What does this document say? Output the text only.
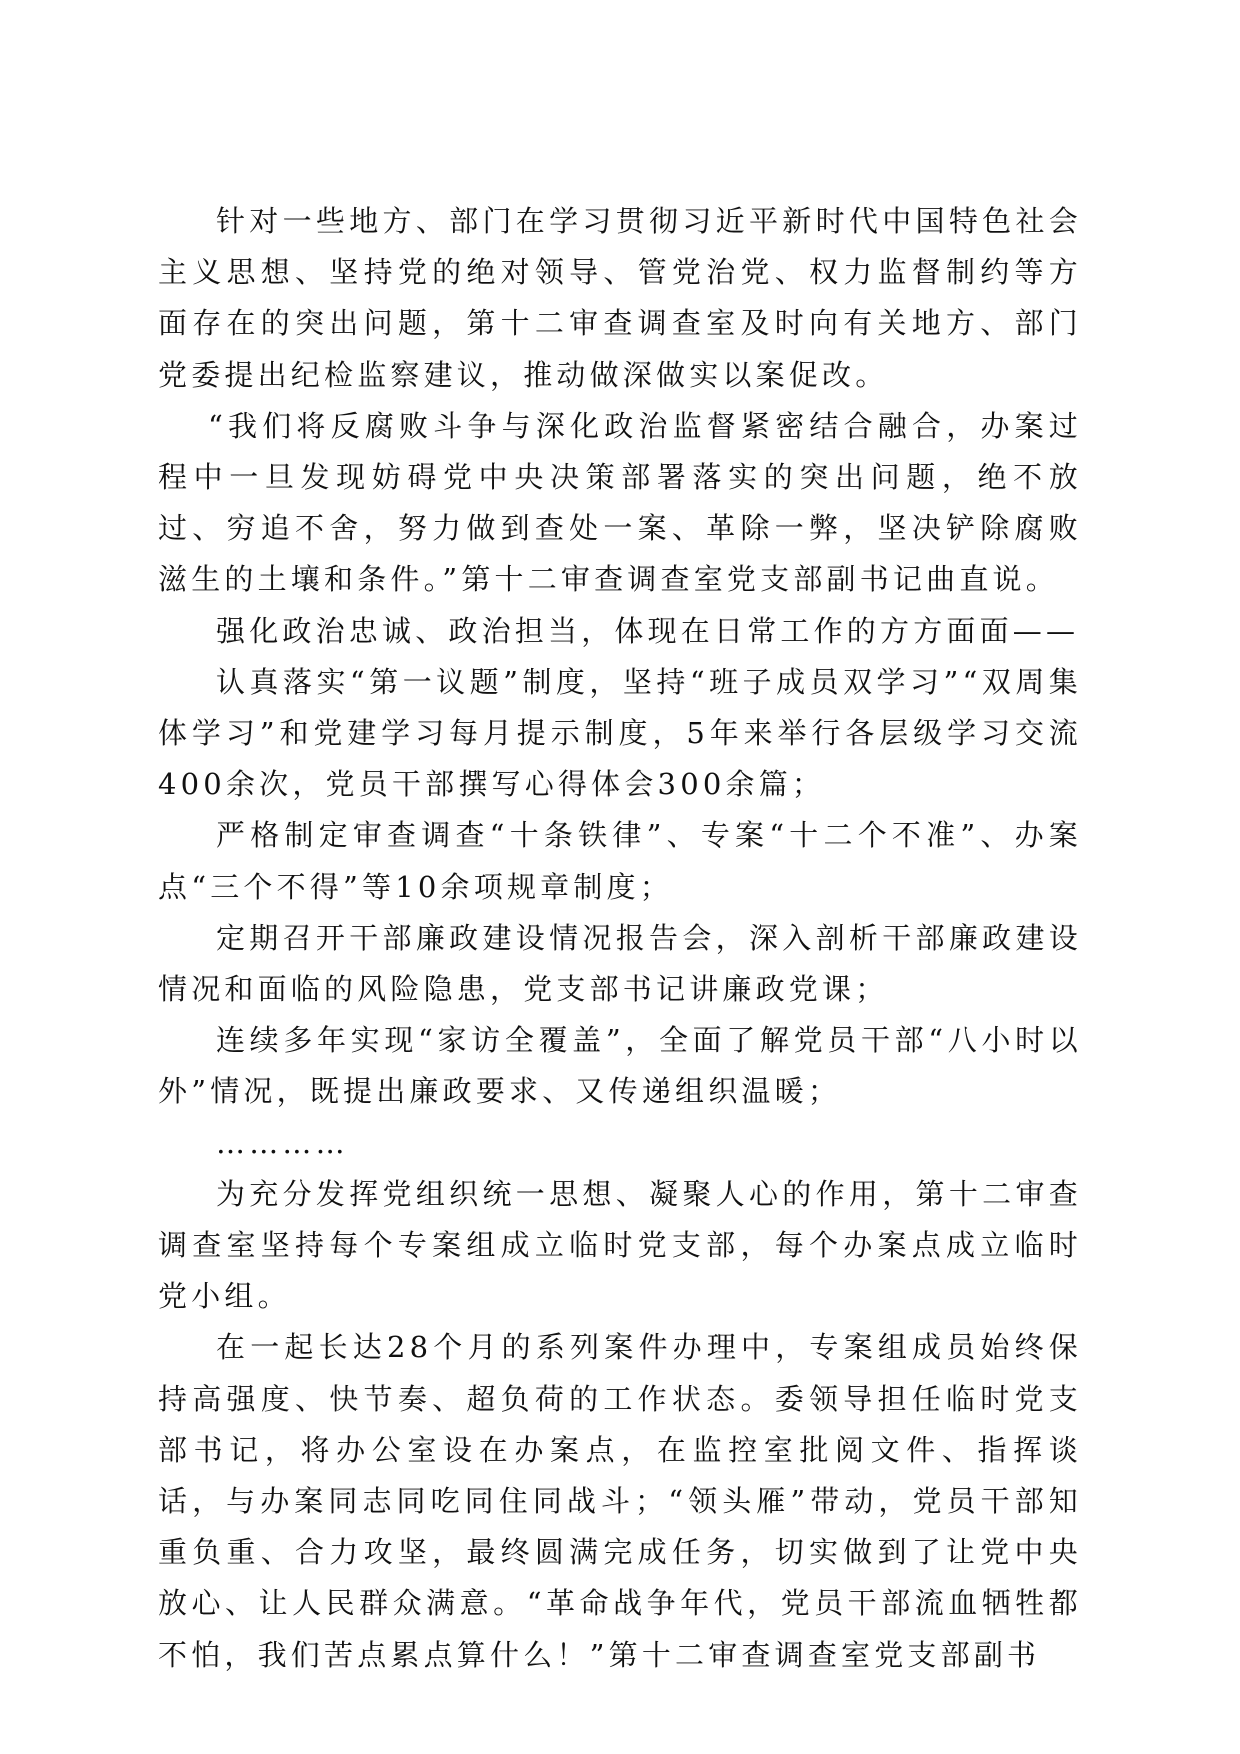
针对一些地方、部门在学习贯彻习近平新时代中国特色社会主义思想、坚持党的绝对领导、管党治党、权力监督制约等方面存在的突出问题，第十二审查调查室及时向有关地方、部门党委提出纪检监察建议，推动做深做实以案促改。

“我们将反腐败斗争与深化政治监督紧密结合融合，办案过程中一旦发现妨碍党中央决策部署落实的突出问题，绝不放过、穷追不舍，努力做到查处一案、革除一弊，坚决铲除腐败滋生的土壤和条件。”第十二审查调查室党支部副书记曲直说。

强化政治忠诚、政治担当，体现在日常工作的方方面面——

认真落实“第一议题”制度，坚持“班子成员双学习”“双周集体学习”和党建学习每月提示制度，5年来举行各层级学习交流400余次，党员干部撰写心得体会300余篇；

严格制定审查调查“十条铁律”、专案“十二个不准”、办案点“三个不得”等10余项规章制度；

定期召开干部廉政建设情况报告会，深入剖析干部廉政建设情况和面临的风险隐患，党支部书记讲廉政党课；

连续多年实现“家访全覆盖”，全面了解党员干部“八小时以外”情况，既提出廉政要求、又传递组织温暖；

…………

为充分发挥党组织统一思想、凝聚人心的作用，第十二审查调查室坚持每个专案组成立临时党支部，每个办案点成立临时党小组。

在一起长达28个月的系列案件办理中，专案组成员始终保持高强度、快节奏、超负荷的工作状态。委领导担任临时党支部书记，将办公室设在办案点，在监控室批阅文件、指挥谈话，与办案同志同吃同住同战斗；“领头雁”带动，党员干部知重负重、合力攻坚，最终圆满完成任务，切实做到了让党中央放心、让人民群众满意。“革命战争年代，党员干部流血牺牲都不怕，我们苦点累点算什么！”第十二审查调查室党支部副书
